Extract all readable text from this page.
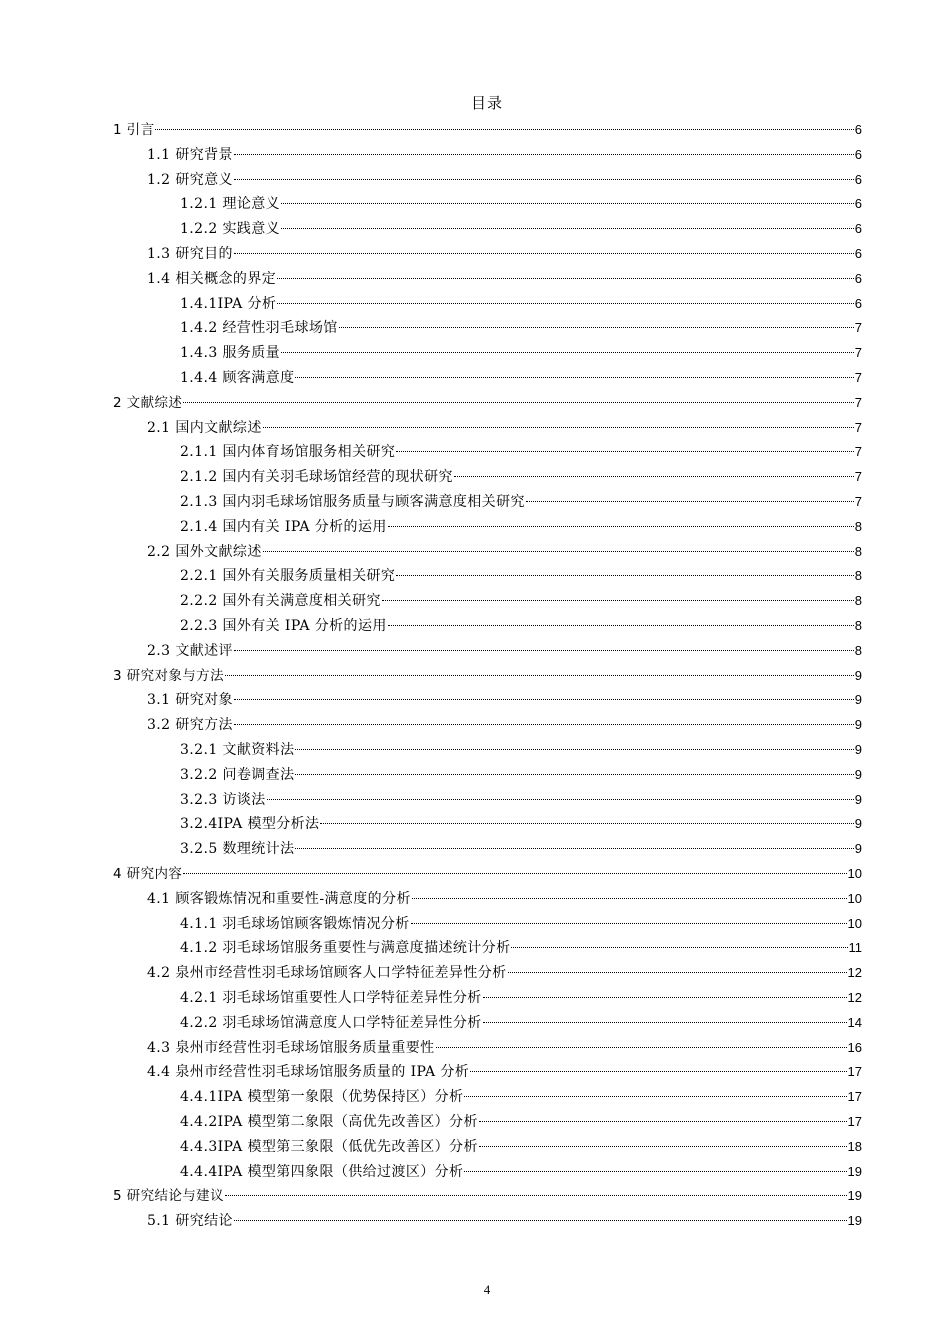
目录
1 引言	6
1.1 研究背景	6
1.2 研究意义	6
1.2.1 理论意义	6
1.2.2 实践意义	6
1.3 研究目的	6
1.4 相关概念的界定	6
1.4.1IPA 分析	6
1.4.2 经营性羽毛球场馆	7
1.4.3 服务质量	7
1.4.4 顾客满意度	7
2 文献综述	7
2.1 国内文献综述	7
2.1.1 国内体育场馆服务相关研究	7
2.1.2 国内有关羽毛球场馆经营的现状研究	7
2.1.3 国内羽毛球场馆服务质量与顾客满意度相关研究	7
2.1.4 国内有关 IPA 分析的运用	8
2.2 国外文献综述	8
2.2.1 国外有关服务质量相关研究	8
2.2.2 国外有关满意度相关研究	8
2.2.3 国外有关 IPA 分析的运用	8
2.3 文献述评	8
3 研究对象与方法	9
3.1 研究对象	9
3.2 研究方法	9
3.2.1 文献资料法	9
3.2.2 问卷调查法	9
3.2.3 访谈法	9
3.2.4IPA 模型分析法	9
3.2.5 数理统计法	9
4 研究内容	10
4.1 顾客锻炼情况和重要性-满意度的分析	10
4.1.1 羽毛球场馆顾客锻炼情况分析	10
4.1.2 羽毛球场馆服务重要性与满意度描述统计分析	11
4.2 泉州市经营性羽毛球场馆顾客人口学特征差异性分析	12
4.2.1 羽毛球场馆重要性人口学特征差异性分析	12
4.2.2 羽毛球场馆满意度人口学特征差异性分析	14
4.3 泉州市经营性羽毛球场馆服务质量重要性	16
4.4 泉州市经营性羽毛球场馆服务质量的 IPA 分析	17
4.4.1IPA 模型第一象限（优势保持区）分析	17
4.4.2IPA 模型第二象限（高优先改善区）分析	17
4.4.3IPA 模型第三象限（低优先改善区）分析	18
4.4.4IPA 模型第四象限（供给过渡区）分析	19
5 研究结论与建议	19
5.1 研究结论	19
4
